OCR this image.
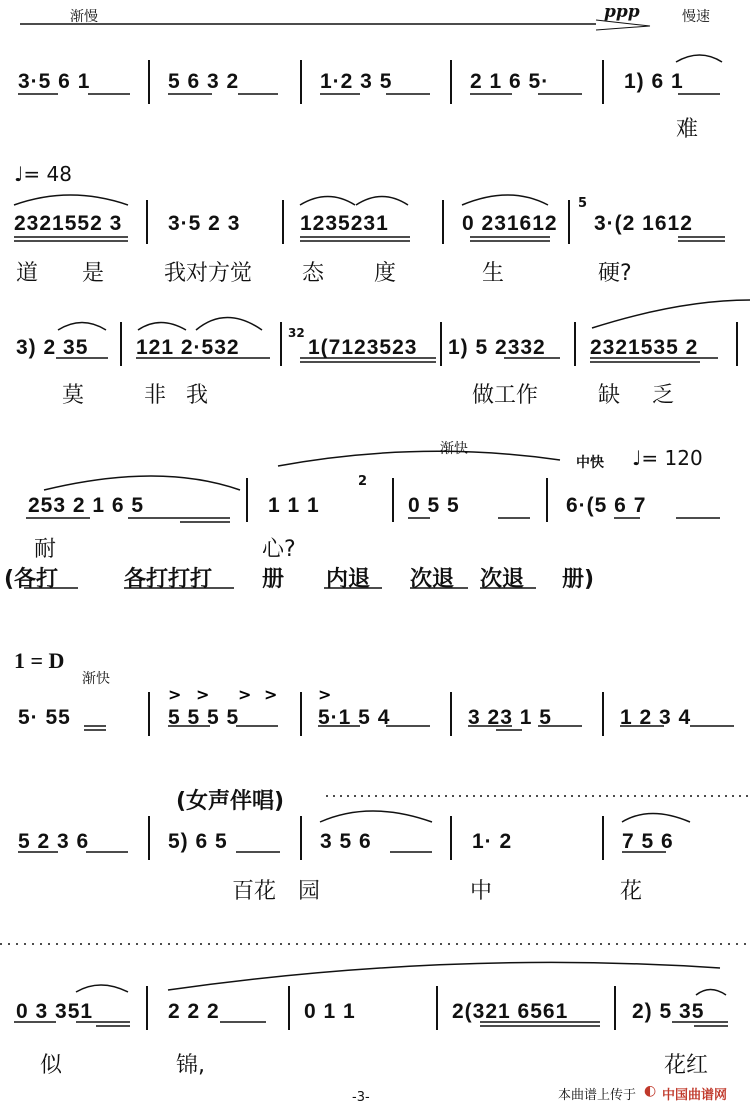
渐慢	ppp	慢速
> > > >	>
3·5 6 1	5 6 3 2	1·2 3 5	2 1 6 5·	1) 6 1
难
♩= 48
2321552 3 3·5 2 3	1235231	0 231612
5
3·(2 1612
道 是	我对方觉 态 度	生	硬?
3) 2 35 121 2·532
32
1(7123523 1) 5 2332 2321535 2
莫	非 我	做工作	缺 乏
渐快
中快 ♩= 120
253 2 1 6 5
2
1 1 1	0 5 5	6·(5 6 7
耐	心?
(各打	各打打打 册 内退 次退 次退 册)
1 = D
渐快
5· 55	5 5 5 5	5·1 5 4	3 23 1 5	1 2 3 4
(女声伴唱)
5 2 3 6	5) 6 5	3 5 6	1· 2	7 5 6
百花 园	中	花
0 3 351	2 2 2	0 1 1	2(321 6561	2) 5 35
似	锦,	花红
-3-	本曲谱上传于 ◐ 中国曲谱网
